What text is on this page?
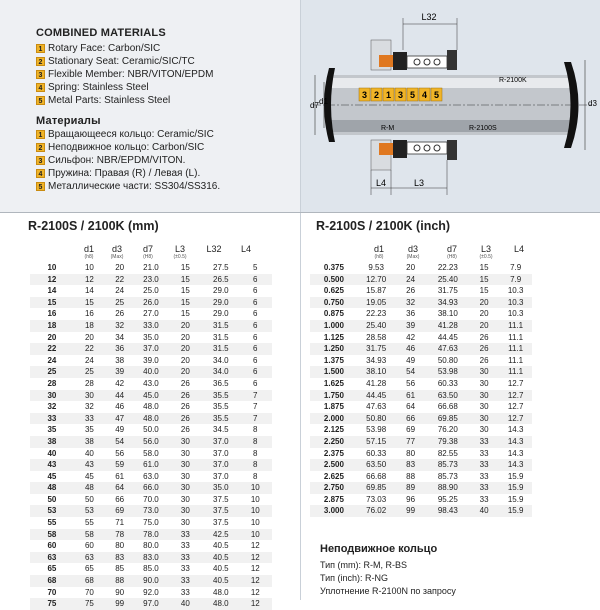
COMBINED MATERIALS
1 Rotary Face: Carbon/SIC
2 Stationary Seat: Ceramic/SIC/TC
3 Flexible Member: NBR/VITON/EPDM
4 Spring: Stainless Steel
5 Metal Parts: Stainless Steel
Материалы
1 Вращающееся кольцо: Ceramic/SIC
2 Неподвижное кольцо: Carbon/SIC
3 Сильфон: NBR/EPDM/VITON.
4 Пружина: Правая (R) / Левая (L).
5 Металлические части: SS304/SS316.
L32
L4	L3
d7 d1	d3
3 2 1 3 5 4 5
R-2100K
R-M	R-2100S
R-2100S / 2100K (mm)
d1
(h8)
d3
(Max)
d7
(H8)
L3
(±0.5)
L32	L4
10	10	20	21.0	15	27.5	5
12	12	22	23.0	15	26.5	6
14	14	24	25.0	15	29.0	6
15	15	25	26.0	15	29.0	6
16	16	26	27.0	15	29.0	6
18	18	32	33.0	20	31.5	6
20	20	34	35.0	20	31.5	6
22	22	36	37.0	20	31.5	6
24	24	38	39.0	20	34.0	6
25	25	39	40.0	20	34.0	6
28	28	42	43.0	26	36.5	6
30	30	44	45.0	26	35.5	7
32	32	46	48.0	26	35.5	7
33	33	47	48.0	26	35.5	7
35	35	49	50.0	26	34.5	8
38	38	54	56.0	30	37.0	8
40	40	56	58.0	30	37.0	8
43	43	59	61.0	30	37.0	8
45	45	61	63.0	30	37.0	8
48	48	64	66.0	30	35.0	10
50	50	66	70.0	30	37.5	10
53	53	69	73.0	30	37.5	10
55	55	71	75.0	30	37.5	10
58	58	78	78.0	33	42.5	10
60	60	80	80.0	33	40.5	12
63	63	83	83.0	33	40.5	12
65	65	85	85.0	33	40.5	12
68	68	88	90.0	33	40.5	12
70	70	90	92.0	33	48.0	12
75	75	99	97.0	40	48.0	12
R-2100S / 2100K (inch)
d1
(h8)
d3
(Max)
d7
(H8)
L3
(±0.5)
L4
0.375	9.53	20	22.23	15	7.9
0.500	12.70	24	25.40	15	7.9
0.625	15.87	26	31.75	15	10.3
0.750	19.05	32	34.93	20	10.3
0.875	22.23	36	38.10	20	10.3
1.000	25.40	39	41.28	20	11.1
1.125	28.58	42	44.45	26	11.1
1.250	31.75	46	47.63	26	11.1
1.375	34.93	49	50.80	26	11.1
1.500	38.10	54	53.98	30	11.1
1.625	41.28	56	60.33	30	12.7
1.750	44.45	61	63.50	30	12.7
1.875	47.63	64	66.68	30	12.7
2.000	50.80	66	69.85	30	12.7
2.125	53.98	69	76.20	30	14.3
2.250	57.15	77	79.38	33	14.3
2.375	60.33	80	82.55	33	14.3
2.500	63.50	83	85.73	33	14.3
2.625	66.68	88	85.73	33	15.9
2.750	69.85	89	88.90	33	15.9
2.875	73.03	96	95.25	33	15.9
3.000	76.02	99	98.43	40	15.9
Неподвижное кольцо
Тип (mm): R-M, R-BS
Тип (inch): R-NG
Уплотнение R-2100N по запросу
